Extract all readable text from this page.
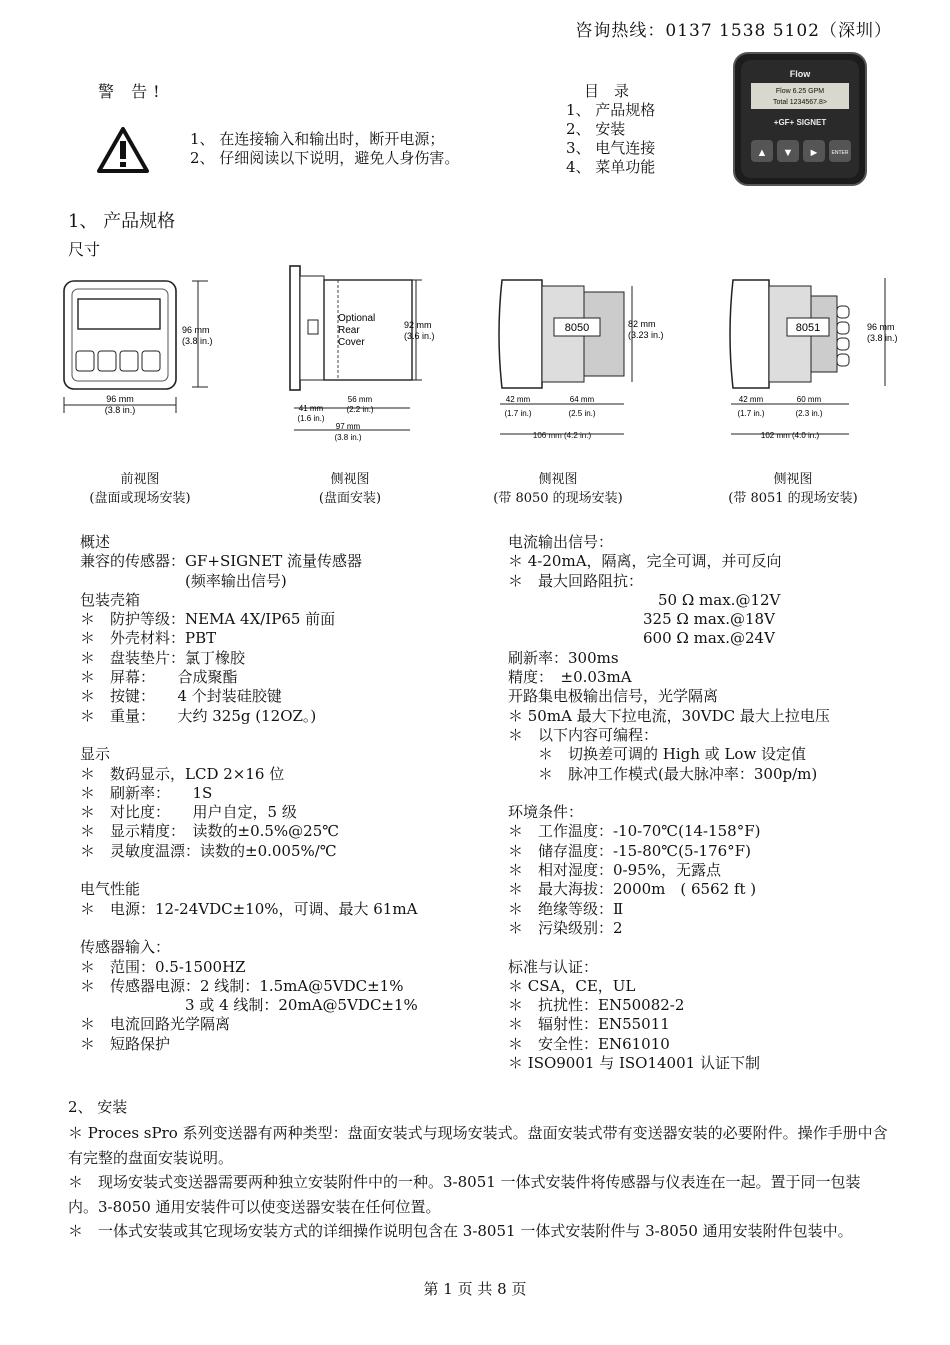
咨询热线：0137 1538 5102（深圳）
警 告!
1、 在连接输入和输出时，断开电源；
2、 仔细阅读以下说明，避免人身伤害。
目　录
1、 产品规格
2、 安装
3、 电气连接
4、 菜单功能
Flow
Flow 6.25 GPM
Total 1234567.8>
+GF+ SIGNET
▲ ▼ ► ENTER
1、 产品规格
尺寸
96 mm
(3.8 in.)
96 mm
(3.8 in.)
Optional
Rear
Cover
92 mm
(3.6 in.)
41 mm
(1.6 in.)
56 mm
(2.2 in.)
97 mm
(3.8 in.)
8050	82 mm
(3.23 in.)
42 mm
(1.7 in.)
64 mm
(2.5 in.)
106 mm (4.2 in.)
8051	96 mm
(3.8 in.)
42 mm
(1.7 in.)
60 mm
(2.3 in.)
102 mm (4.0 in.)
前视图
(盘面或现场安装)
侧视图
(盘面安装)
侧视图
(带 8050 的现场安装)
侧视图
(带 8051 的现场安装)
概述
兼容的传感器：GF+SIGNET 流量传感器
　　　　　　　(频率输出信号)
包装壳箱
＊　防护等级：NEMA 4X/IP65 前面
＊　外壳材料：PBT
＊　盘装垫片：氯丁橡胶
＊　屏幕：　　合成聚酯
＊　按键：　　4 个封装硅胶键
＊　重量：　　大约 325g (12OZ。)
显示
＊　数码显示，LCD 2×16 位
＊　刷新率：　　1S
＊　对比度：　　用户自定，5 级
＊　显示精度：　读数的±0.5%@25℃
＊　灵敏度温漂：读数的±0.005%/℃
电气性能
＊　电源：12-24VDC±10%，可调、最大 61mA
传感器输入：
＊　范围：0.5-1500HZ
＊　传感器电源：2 线制：1.5mA@5VDC±1%
　　　　　　　3 或 4 线制：20mA@5VDC±1%
＊　电流回路光学隔离
＊　短路保护
电流输出信号：
＊ 4-20mA，隔离，完全可调，并可反向
＊　最大回路阻抗：
　　　　　　　　　　50 Ω max.@12V
　　　　　　　　　325 Ω max.@18V
　　　　　　　　　600 Ω max.@24V
刷新率：300ms
精度：　±0.03mA
开路集电极输出信号，光学隔离
＊ 50mA 最大下拉电流，30VDC 最大上拉电压
＊　以下内容可编程：
　　＊　切换差可调的 High 或 Low 设定值
　　＊　脉冲工作模式(最大脉冲率：300p/m)
环境条件：
＊　工作温度：-10-70℃(14-158°F)
＊　储存温度：-15-80℃(5-176°F)
＊　相对湿度：0-95%，无露点
＊　最大海拔：2000m　( 6562 ft )
＊　绝缘等级：Ⅱ
＊　污染级别：2
标准与认证：
＊ CSA，CE，UL
＊　抗扰性：EN50082-2
＊　辐射性：EN55011
＊　安全性：EN61010
＊ ISO9001 与 ISO14001 认证下制
2、 安装
＊ Proces sPro 系列变送器有两种类型：盘面安装式与现场安装式。盘面安装式带有变送器安装的必要附件。操作手册中含有完整的盘面安装说明。
＊　现场安装式变送器需要两种独立安装附件中的一种。3-8051 一体式安装件将传感器与仪表连在一起。置于同一包装内。3-8050 通用安装件可以使变送器安装在任何位置。
＊　一体式安装或其它现场安装方式的详细操作说明包含在 3-8051 一体式安装附件与 3-8050 通用安装附件包装中。
第 1 页 共 8 页
